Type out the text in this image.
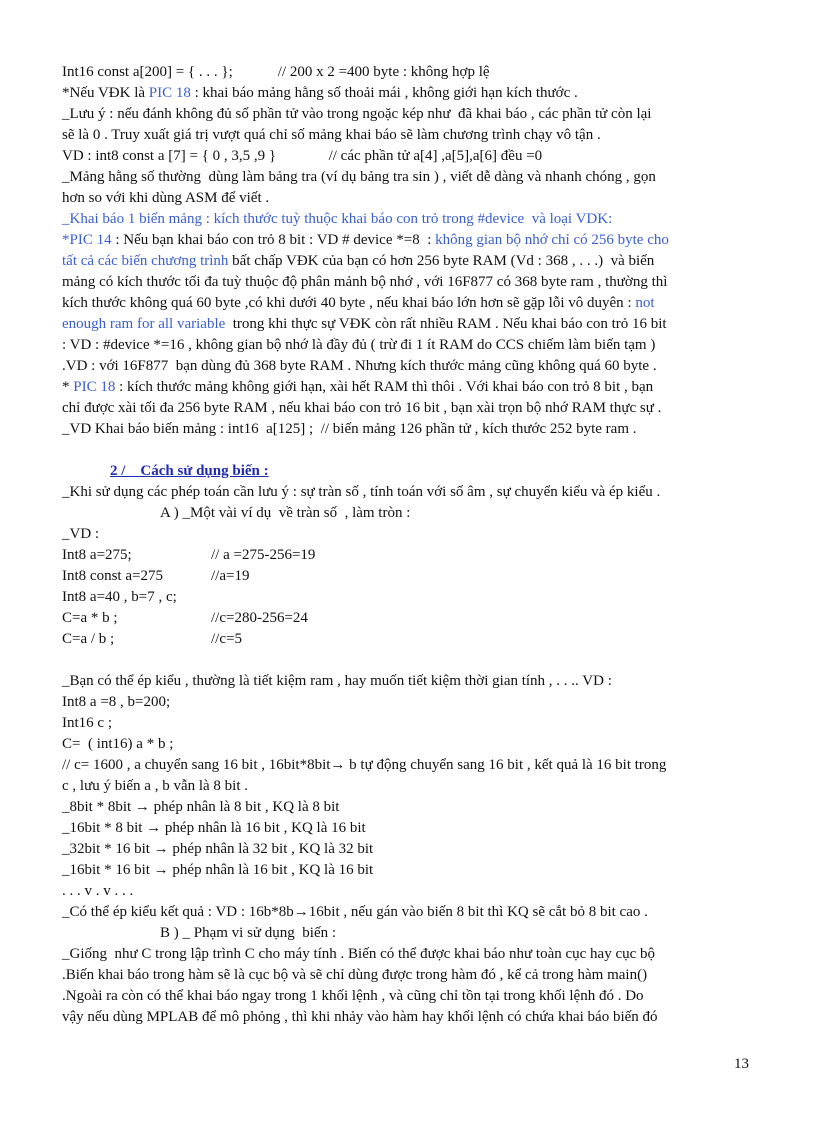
Int16 const a[200] = { . . . };            // 200 x 2 =400 byte : không hợp lệ
*Nếu VĐK là PIC 18 : khai báo mảng hằng số thoải mái , không giới hạn kích thước .
_Lưu ý : nếu đánh không đủ số phần tử vào trong ngoặc kép như  đã khai báo , các phần tử còn lại
sẽ là 0 . Truy xuất giá trị vượt quá chỉ số mảng khai báo sẽ làm chương trình chạy vô tận .
VD : int8 const a [7] = { 0 , 3,5 ,9 }              // các phần tử a[4] ,a[5],a[6] đều =0
_Mảng hằng số thường  dùng làm bảng tra (ví dụ bảng tra sin ) , viết dễ dàng và nhanh chóng , gọn
hơn so với khi dùng ASM để viết .
_Khai báo 1 biến mảng : kích thước tuỳ thuộc khai báo con trỏ trong #device  và loại VDK:
*PIC 14 : Nếu bạn khai báo con trỏ 8 bit : VD # device *=8  : không gian bộ nhớ chỉ có 256 byte cho
tất cả các biến chương trình bất chấp VĐK của bạn có hơn 256 byte RAM (Vd : 368 , . . .)  và biến
mảng có kích thước tối đa tuỳ thuộc độ phân mảnh bộ nhớ , với 16F877 có 368 byte ram , thường thì
kích thước không quá 60 byte ,có khi dưới 40 byte , nếu khai báo lớn hơn sẽ gặp lỗi vô duyên : not
enough ram for all variable  trong khi thực sự VĐK còn rất nhiều RAM . Nếu khai báo con trỏ 16 bit
: VD : #device *=16 , không gian bộ nhớ là đầy đủ ( trừ đi 1 ít RAM do CCS chiếm làm biến tạm )
.VD : với 16F877  bạn dùng đủ 368 byte RAM . Nhưng kích thước mảng cũng không quá 60 byte .
* PIC 18 : kích thước mảng không giới hạn, xài hết RAM thì thôi . Với khai báo con trỏ 8 bit , bạn
chỉ được xài tối đa 256 byte RAM , nếu khai báo con trỏ 16 bit , bạn xài trọn bộ nhớ RAM thực sự .
_VD Khai báo biến mảng : int16  a[125] ;  // biến mảng 126 phần tử , kích thước 252 byte ram .
2 /    Cách sử dụng biến :
_Khi sử dụng các phép toán cần lưu ý : sự tràn số , tính toán với số âm , sự chuyển kiểu và ép kiểu .
A ) _Một vài ví dụ  về tràn số  , làm tròn :
_VD :
Int8 a=275;	// a =275-256=19
Int8 const a=275	//a=19
Int8 a=40 , b=7 , c;
C=a * b ;	//c=280-256=24
C=a / b ;	//c=5
_Bạn có thể ép kiểu , thường là tiết kiệm ram , hay muốn tiết kiệm thời gian tính , . . .. VD :
Int8 a =8 , b=200;
Int16 c ;
C=  ( int16) a * b ;
// c= 1600 , a chuyển sang 16 bit , 16bit*8bit→ b tự động chuyển sang 16 bit , kết quả là 16 bit trong
c , lưu ý biến a , b vẫn là 8 bit .
_8bit * 8bit → phép nhân là 8 bit , KQ là 8 bit
_16bit * 8 bit → phép nhân là 16 bit , KQ là 16 bit
_32bit * 16 bit → phép nhân là 32 bit , KQ là 32 bit
_16bit * 16 bit → phép nhân là 16 bit , KQ là 16 bit
. . . v . v . . .
_Có thể ép kiểu kết quả : VD : 16b*8b→16bit , nếu gán vào biến 8 bit thì KQ sẽ cắt bỏ 8 bit cao .
B ) _ Phạm vi sử dụng  biến :
_Giống  như C trong lập trình C cho máy tính . Biến có thể được khai báo như toàn cục hay cục bộ
.Biến khai báo trong hàm sẽ là cục bộ và sẽ chỉ dùng được trong hàm đó , kể cả trong hàm main()
.Ngoài ra còn có thể khai báo ngay trong 1 khối lệnh , và cũng chỉ tồn tại trong khối lệnh đó . Do
vậy nếu dùng MPLAB để mô phỏng , thì khi nhảy vào hàm hay khối lệnh có chứa khai báo biến đó
13
